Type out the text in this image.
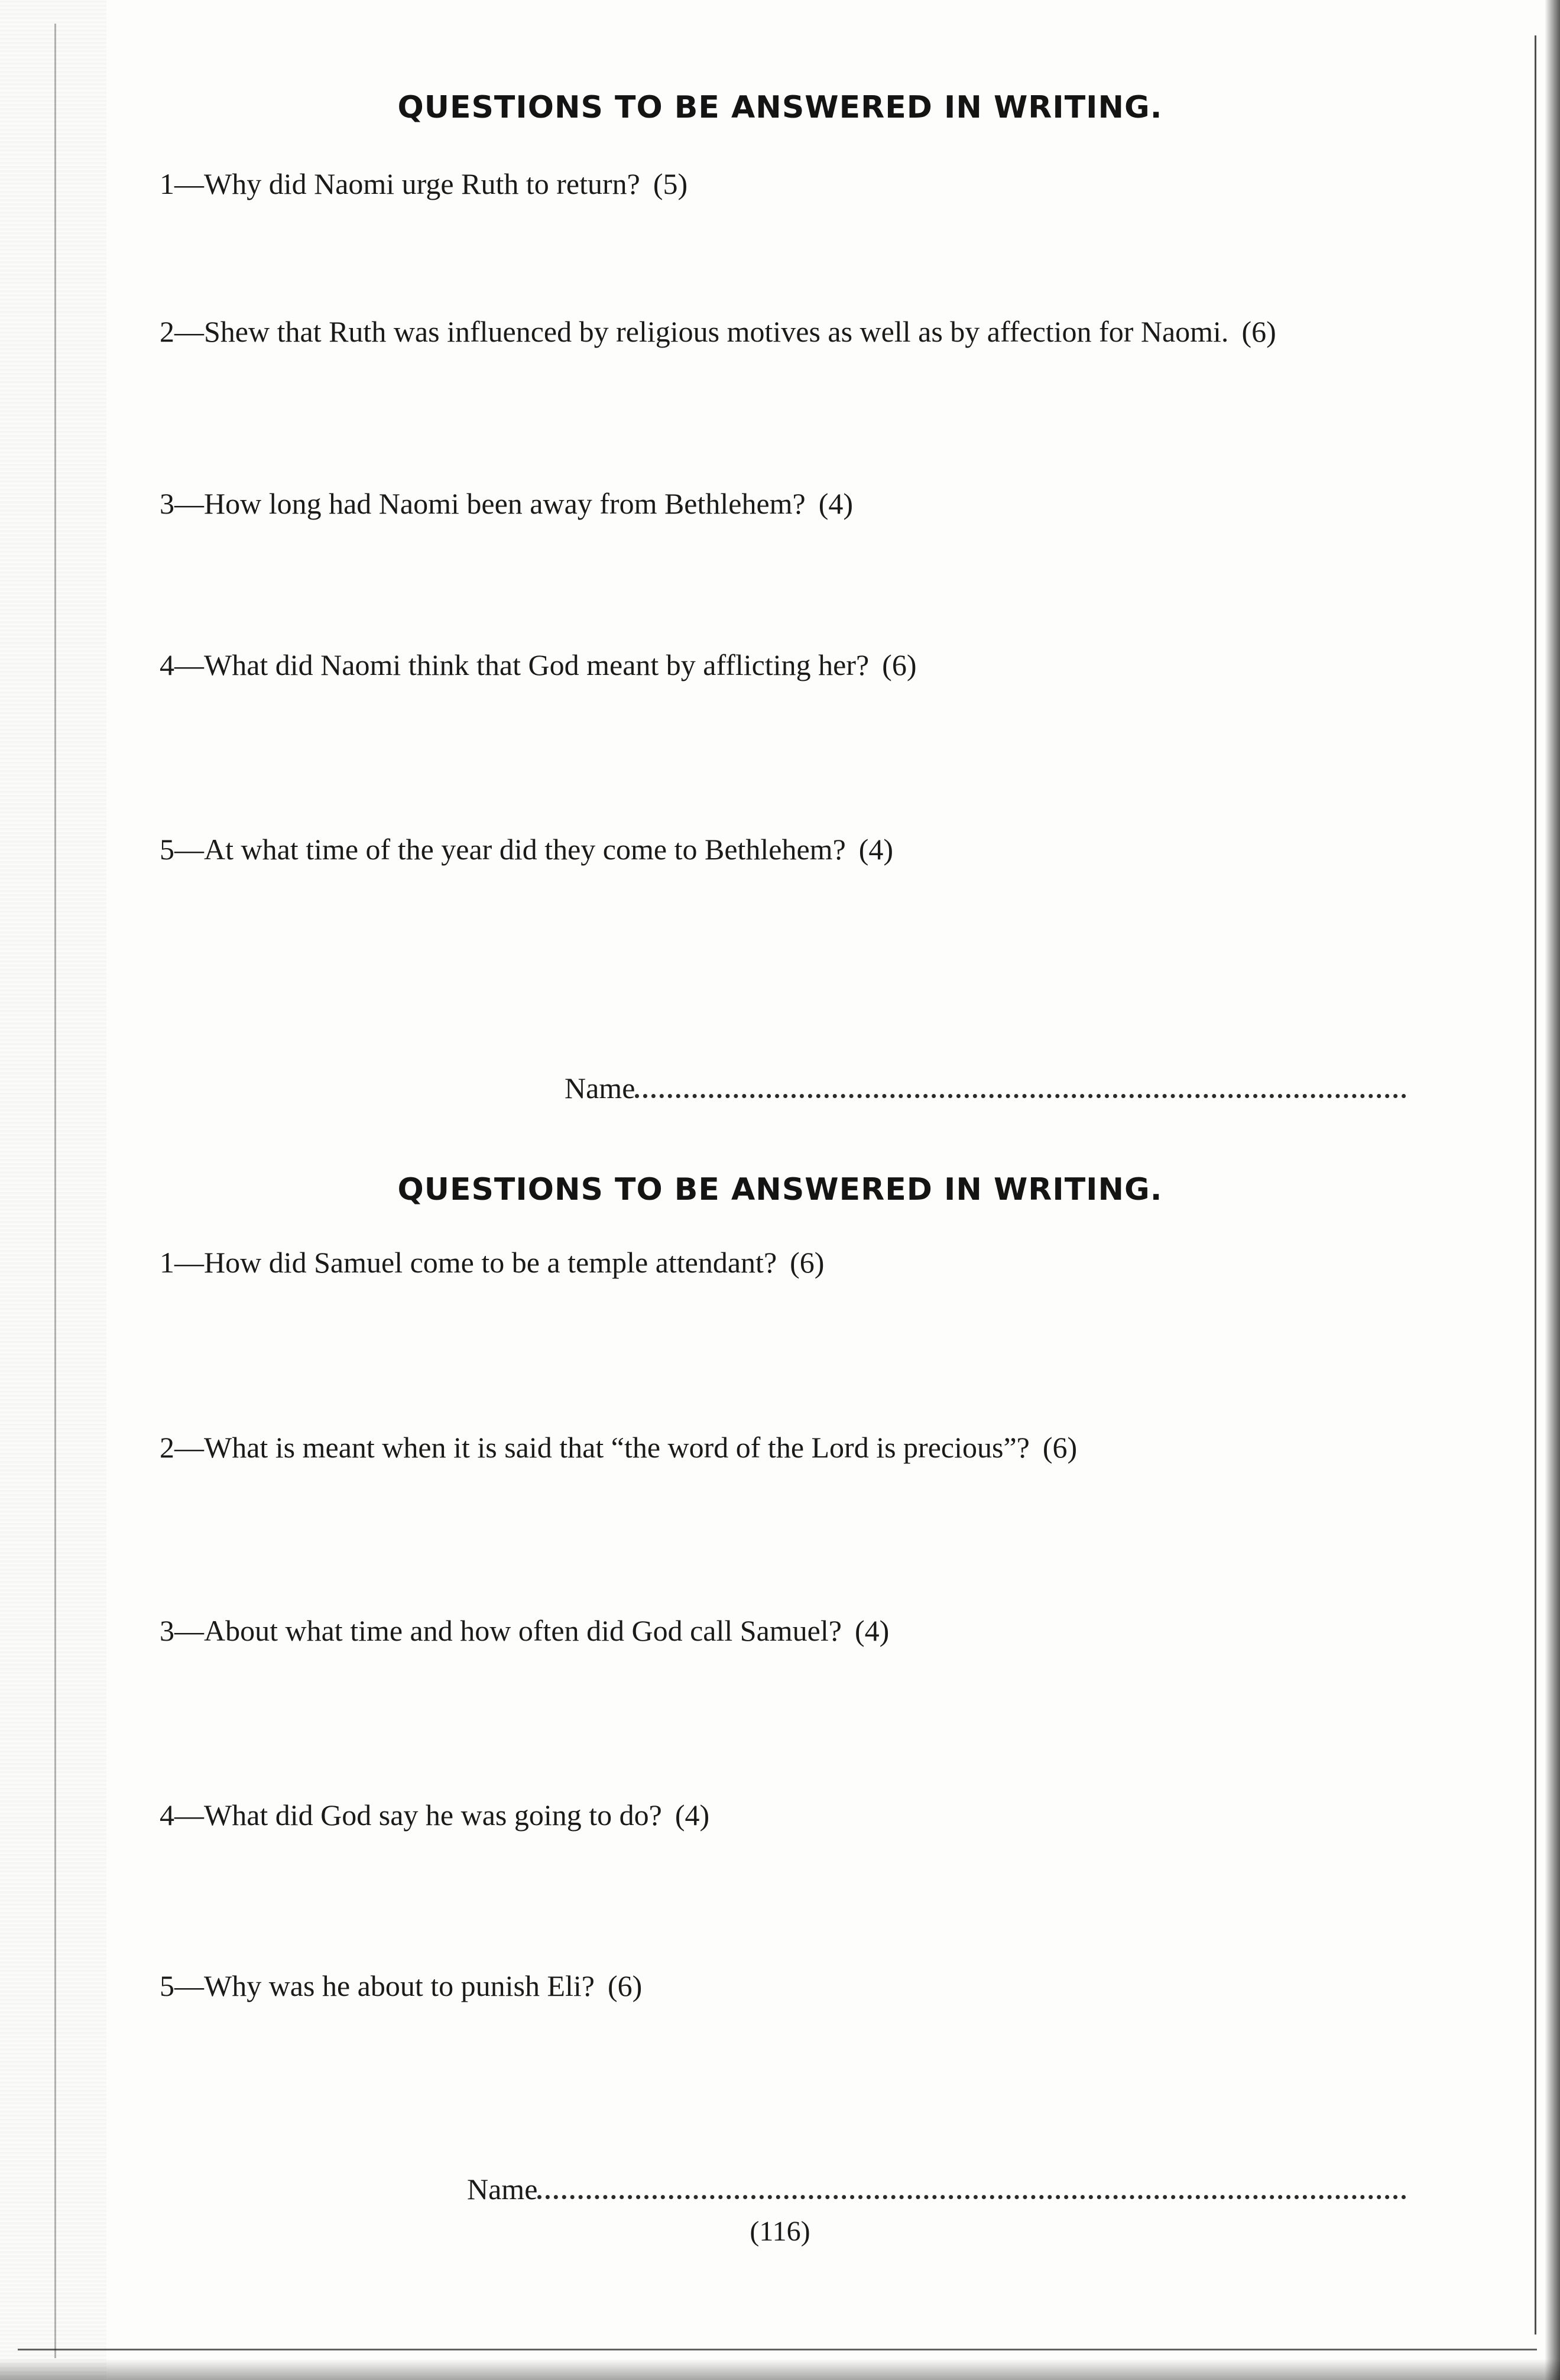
QUESTIONS TO BE ANSWERED IN WRITING.
1—Why did Naomi urge Ruth to return? (5)
2—Shew that Ruth was influenced by religious motives as well as by affection for Naomi. (6)
3—How long had Naomi been away from Bethlehem? (4)
4—What did Naomi think that God meant by afflicting her? (6)
5—At what time of the year did they come to Bethlehem? (4)
Name
QUESTIONS TO BE ANSWERED IN WRITING.
1—How did Samuel come to be a temple attendant? (6)
2—What is meant when it is said that “the word of the Lord is precious”? (6)
3—About what time and how often did God call Samuel? (4)
4—What did God say he was going to do? (4)
5—Why was he about to punish Eli? (6)
Name
(116)
